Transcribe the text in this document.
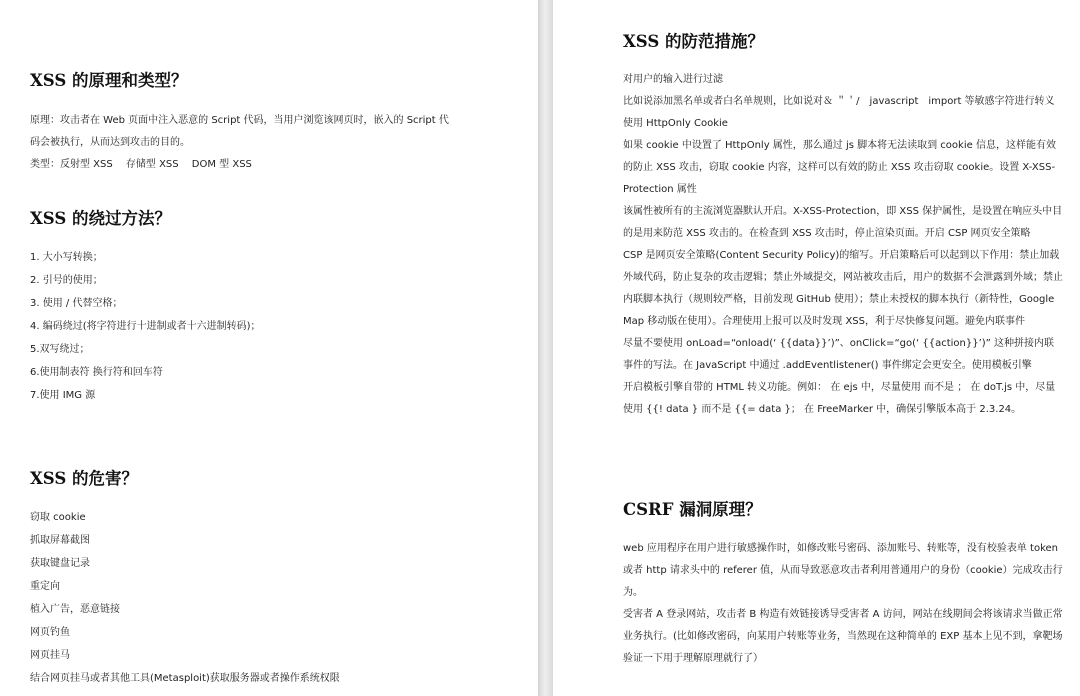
XSS 的原理和类型？

原理：攻击者在 Web 页面中注入恶意的 Script 代码，当用户浏览该网页时，嵌入的 Script 代

码会被执行，从而达到攻击的目的。

类型：反射型 XSS　 存储型 XSS　 DOM 型 XSS

XSS 的绕过方法？

1. 大小写转换；

2. 引号的使用；

3. 使用 / 代替空格；

4. 编码绕过(将字符进行十进制或者十六进制转码)；

5.双写绕过；

6.使用制表符 换行符和回车符

7.使用 IMG 源

XSS 的危害？

窃取 cookie

抓取屏幕截图

获取键盘记录

重定向

植入广告，恶意链接

网页钓鱼

网页挂马

结合网页挂马或者其他工具(Metasploit)获取服务器或者操作系统权限

XSS 的防范措施？

对用户的输入进行过滤

比如说添加黑名单或者白名单规则，比如说对＆ ＂＇/　javascript　import 等敏感字符进行转义使用 HttpOnly Cookie

如果 cookie 中设置了 HttpOnly 属性，那么通过 js 脚本将无法读取到 cookie 信息，这样能有效的防止 XSS 攻击，窃取 cookie 内容，这样可以有效的防止 XSS 攻击窃取 cookie。设置 X-XSS-Protection 属性

该属性被所有的主流浏览器默认开启。X-XSS-Protection，即 XSS 保护属性，是设置在响应头中目的是用来防范 XSS 攻击的。在检查到 XSS 攻击时，停止渲染页面。开启 CSP 网页安全策略

CSP 是网页安全策略(Content Security Policy)的缩写。开启策略后可以起到以下作用：禁止加载外域代码，防止复杂的攻击逻辑；禁止外域提交，网站被攻击后，用户的数据不会泄露到外域；禁止内联脚本执行（规则较严格，目前发现 GitHub 使用）；禁止未授权的脚本执行（新特性，Google Map 移动版在使用）。合理使用上报可以及时发现 XSS，利于尽快修复问题。避免内联事件

尽量不要使用 onLoad=“onload(‘ {{data}}’)”、onClick=“go(‘ {{action}}’)” 这种拼接内联事件的写法。在 JavaScript 中通过 .addEventlistener() 事件绑定会更安全。使用模板引擎

开启模板引擎自带的 HTML 转义功能。例如： 在 ejs 中，尽量使用 而不是 ； 在 doT.js 中，尽量使用 {{! data } 而不是 {{= data }； 在 FreeMarker 中，确保引擎版本高于 2.3.24。

CSRF 漏洞原理？

web 应用程序在用户进行敏感操作时，如修改账号密码、添加账号、转账等，没有校验表单 token 或者 http 请求头中的 referer 值，从而导致恶意攻击者利用普通用户的身份（cookie）完成攻击行为。

受害者 A 登录网站，攻击者 B 构造有效链接诱导受害者 A 访问，网站在线期间会将该请求当做正常业务执行。(比如修改密码，向某用户转账等业务，当然现在这种简单的 EXP 基本上见不到，拿靶场验证一下用于理解原理就行了）
